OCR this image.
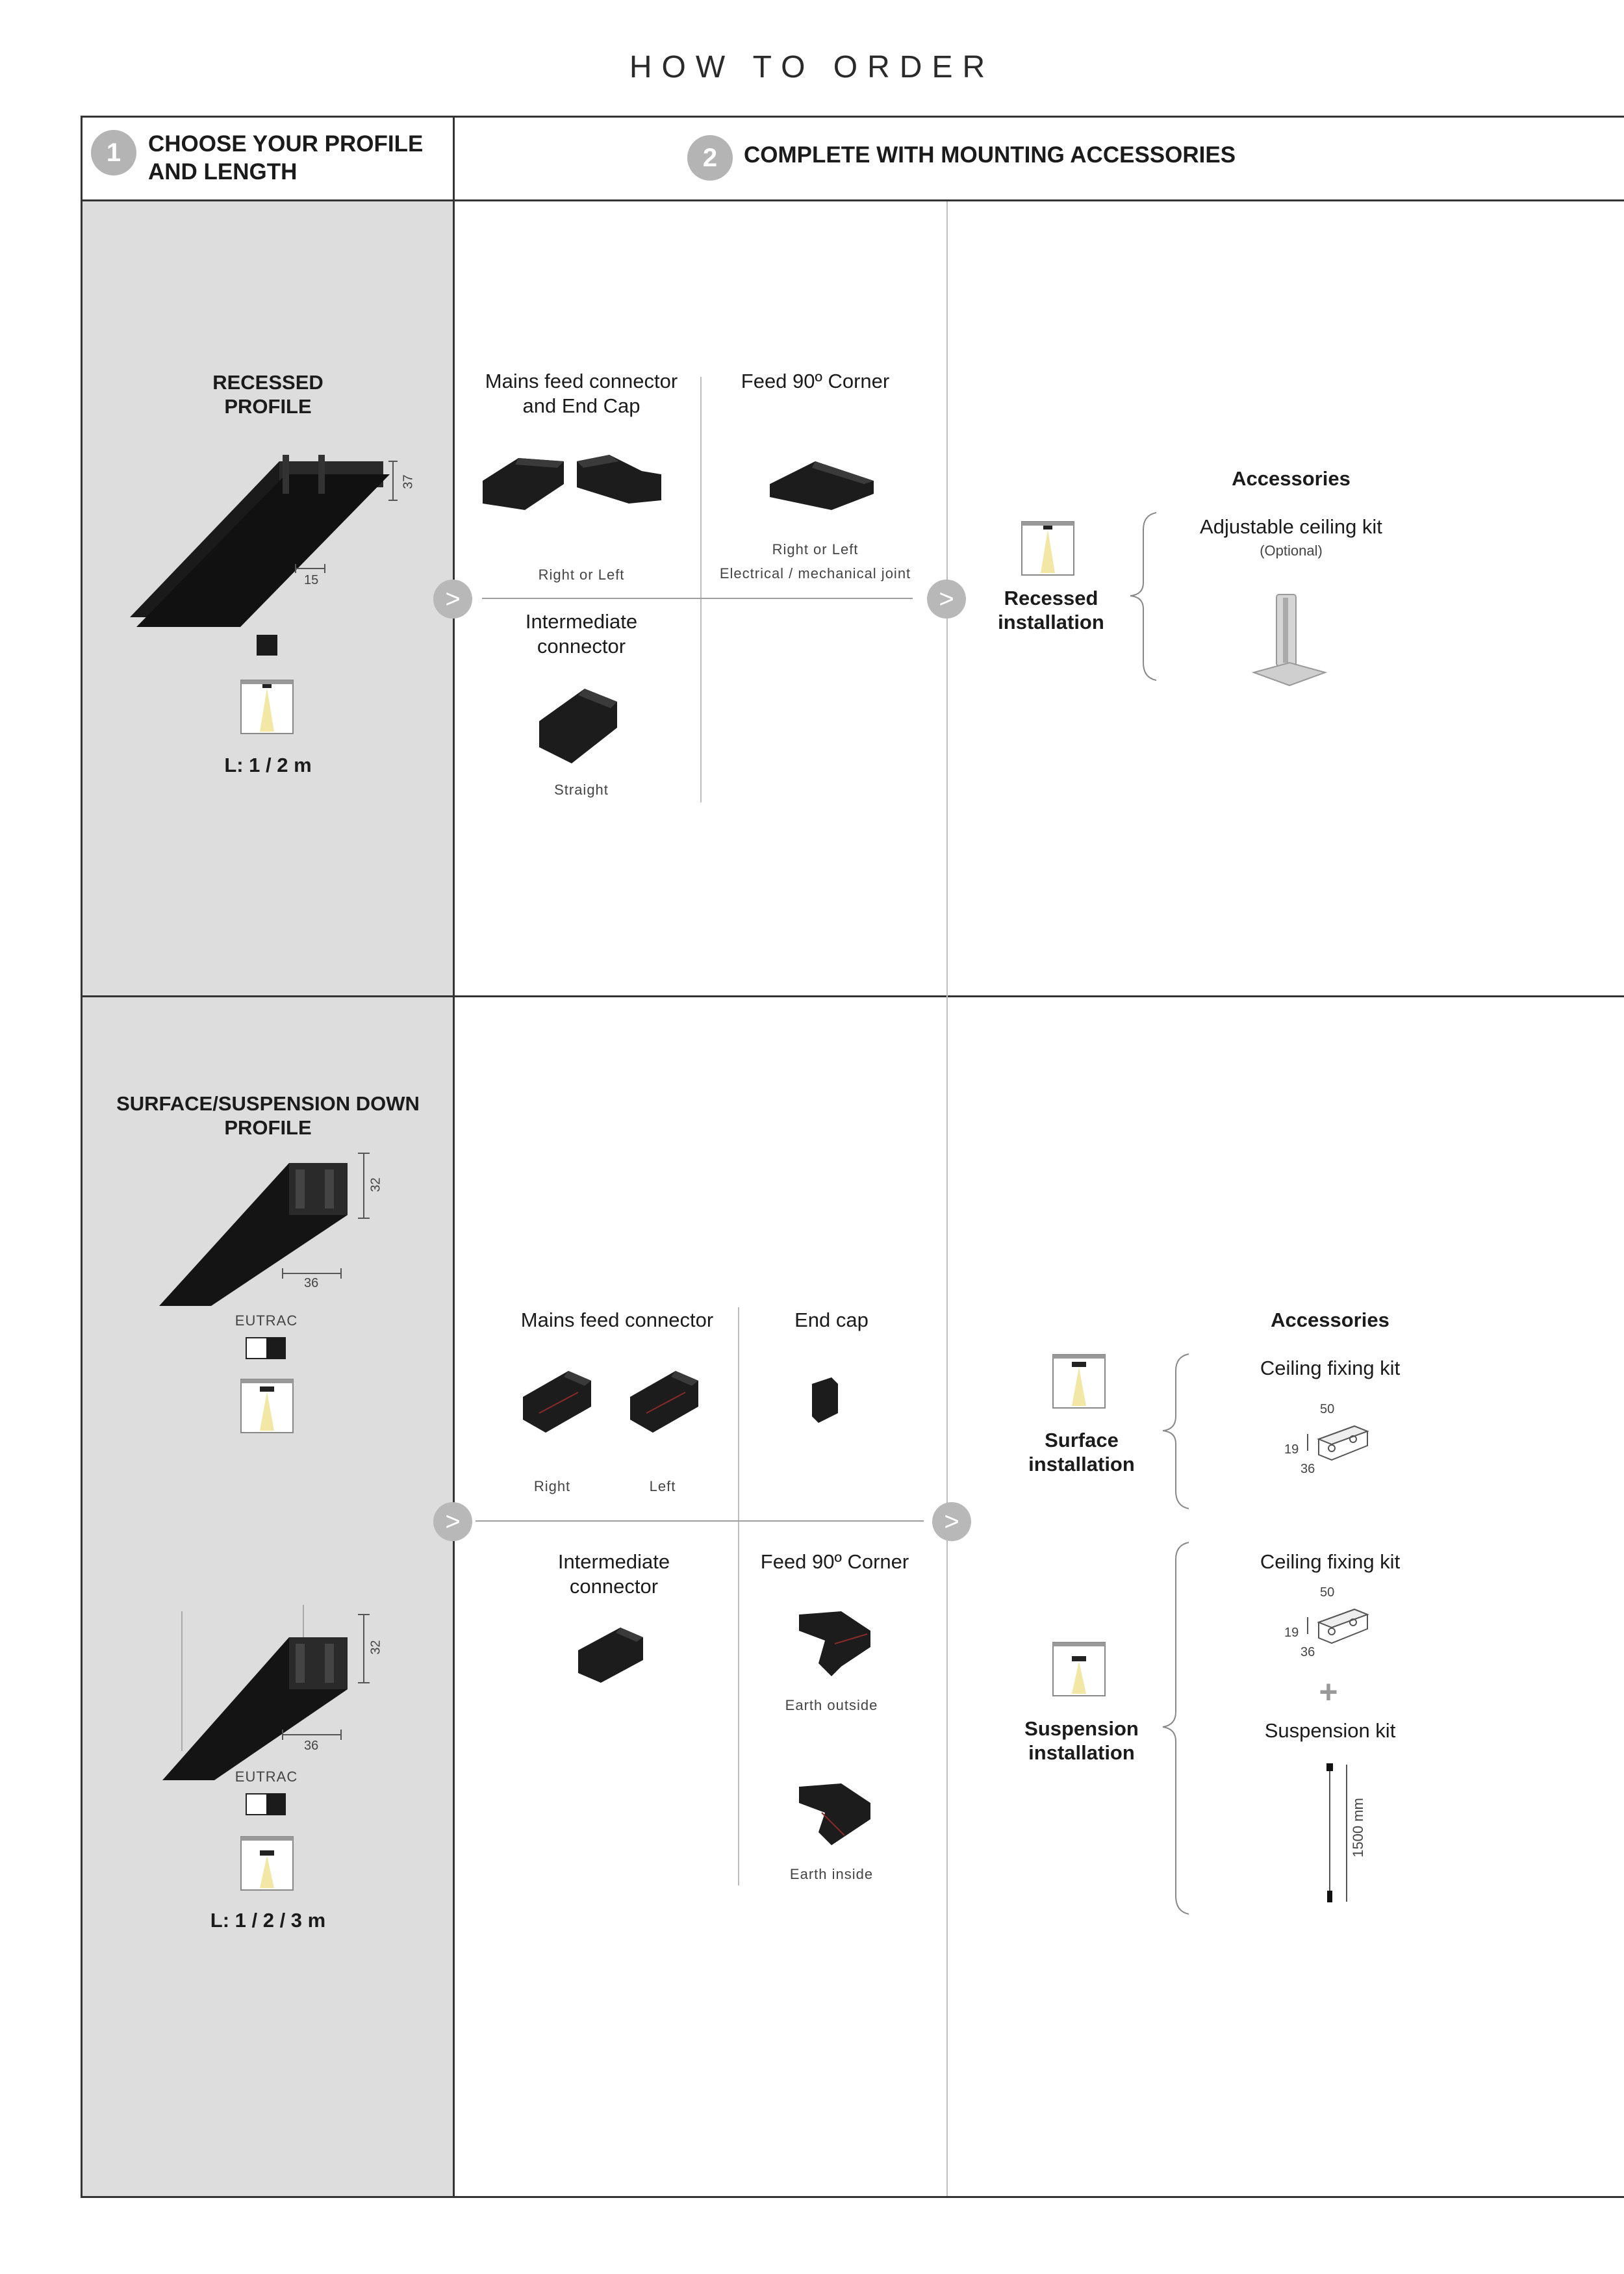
HOW TO ORDER
1	CHOOSE YOUR PROFILE
AND LENGTH	2	COMPLETE WITH MOUNTING ACCESSORIES
RECESSED
PROFILE
37
15
L: 1 / 2 m
>	>
Mains feed connector
and End Cap
Right or Left
Feed 90º Corner
Right or Left
Electrical / mechanical joint
Intermediate
connector
Straight
Recessed
installation
Accessories
Adjustable ceiling kit
(Optional)
SURFACE/SUSPENSION DOWN
PROFILE
32
36
EUTRAC
32
36
EUTRAC
L: 1 / 2 / 3 m
>	>
Mains feed connector
Right	Left
End cap
Intermediate
connector
Feed 90º Corner
Earth outside
Earth inside
Surface
installation
Suspension
installation
Accessories
Ceiling fixing kit
50
19
36
Ceiling fixing kit
50
19
36
+
Suspension kit
1500 mm
